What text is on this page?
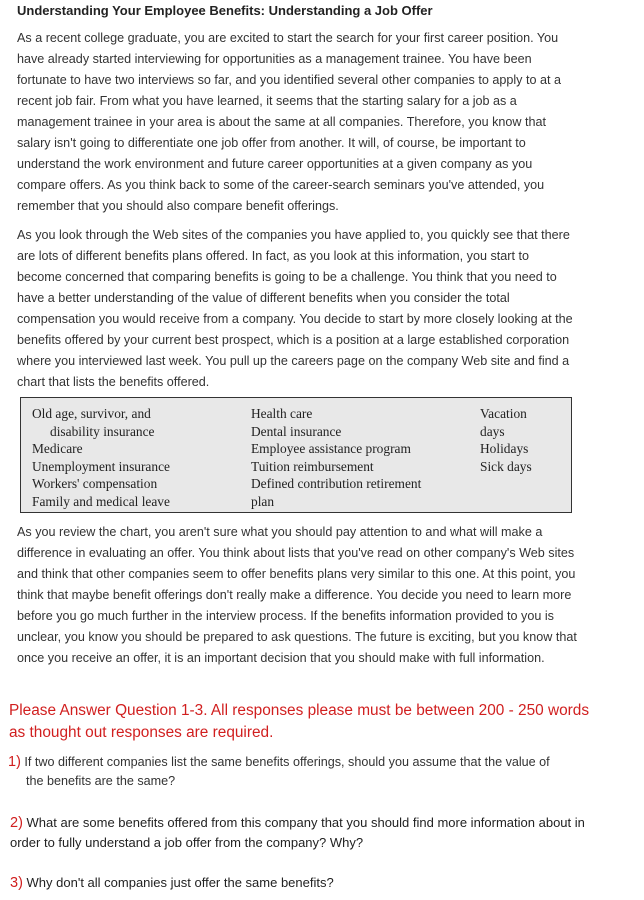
Understanding Your Employee Benefits: Understanding a Job Offer

As a recent college graduate, you are excited to start the search for your first career position. You have already started interviewing for opportunities as a management trainee. You have been fortunate to have two interviews so far, and you identified several other companies to apply to at a recent job fair. From what you have learned, it seems that the starting salary for a job as a management trainee in your area is about the same at all companies. Therefore, you know that salary isn't going to differentiate one job offer from another. It will, of course, be important to understand the work environment and future career opportunities at a given company as you compare offers. As you think back to some of the career-search seminars you've attended, you remember that you should also compare benefit offerings.

As you look through the Web sites of the companies you have applied to, you quickly see that there are lots of different benefits plans offered. In fact, as you look at this information, you start to become concerned that comparing benefits is going to be a challenge. You think that you need to have a better understanding of the value of different benefits when you consider the total compensation you would receive from a company. You decide to start by more closely looking at the benefits offered by your current best prospect, which is a position at a large established corporation where you interviewed last week. You pull up the careers page on the company Web site and find a chart that lists the benefits offered.

Old age, survivor, and
disability insurance
Medicare
Unemployment insurance
Workers' compensation
Family and medical leave
Health care
Dental insurance
Employee assistance program
Tuition reimbursement
Defined contribution retirement
plan
Vacation
days
Holidays
Sick days

As you review the chart, you aren't sure what you should pay attention to and what will make a difference in evaluating an offer. You think about lists that you've read on other company's Web sites and think that other companies seem to offer benefits plans very similar to this one. At this point, you think that maybe benefit offerings don't really make a difference. You decide you need to learn more before you go much further in the interview process. If the benefits information provided to you is unclear, you know you should be prepared to ask questions. The future is exciting, but you know that once you receive an offer, it is an important decision that you should make with full information.

Please Answer Question 1-3. All responses please must be between 200 - 250 words as thought out responses are required.

1) If two different companies list the same benefits offerings, should you assume that the value of
the benefits are the same?
2) What are some benefits offered from this company that you should find more information about in order to fully understand a job offer from the company? Why?
3) Why don't all companies just offer the same benefits?
